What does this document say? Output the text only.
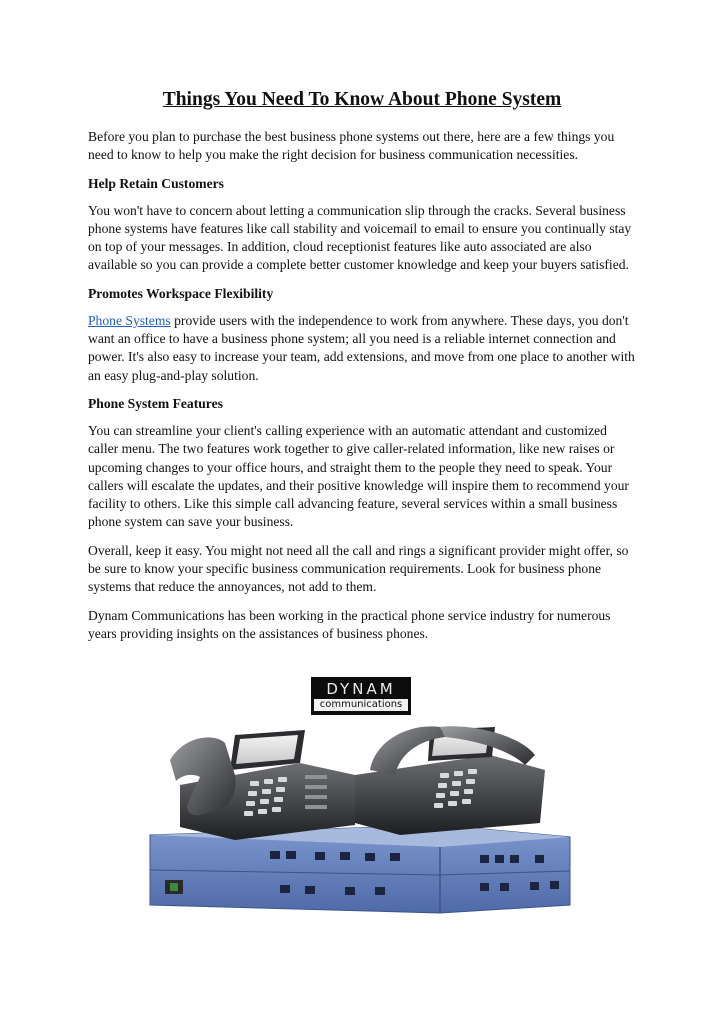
Things You Need To Know About Phone System

Before you plan to purchase the best business phone systems out there, here are a few things you need to know to help you make the right decision for business communication necessities.

Help Retain Customers

You won't have to concern about letting a communication slip through the cracks. Several business phone systems have features like call stability and voicemail to email to ensure you continually stay on top of your messages. In addition, cloud receptionist features like auto associated are also available so you can provide a complete better customer knowledge and keep your buyers satisfied.

Promotes Workspace Flexibility

Phone Systems provide users with the independence to work from anywhere. These days, you don't want an office to have a business phone system; all you need is a reliable internet connection and power. It's also easy to increase your team, add extensions, and move from one place to another with an easy plug-and-play solution.

Phone System Features

You can streamline your client's calling experience with an automatic attendant and customized caller menu. The two features work together to give caller-related information, like new raises or upcoming changes to your office hours, and straight them to the people they need to speak. Your callers will escalate the updates, and their positive knowledge will inspire them to recommend your facility to others. Like this simple call advancing feature, several services within a small business phone system can save your business.

Overall, keep it easy. You might not need all the call and rings a significant provider might offer, so be sure to know your specific business communication requirements. Look for business phone systems that reduce the annoyances, not add to them.

Dynam Communications has been working in the practical phone service industry for numerous years providing insights on the assistances of business phones.

DYNAM
communications
